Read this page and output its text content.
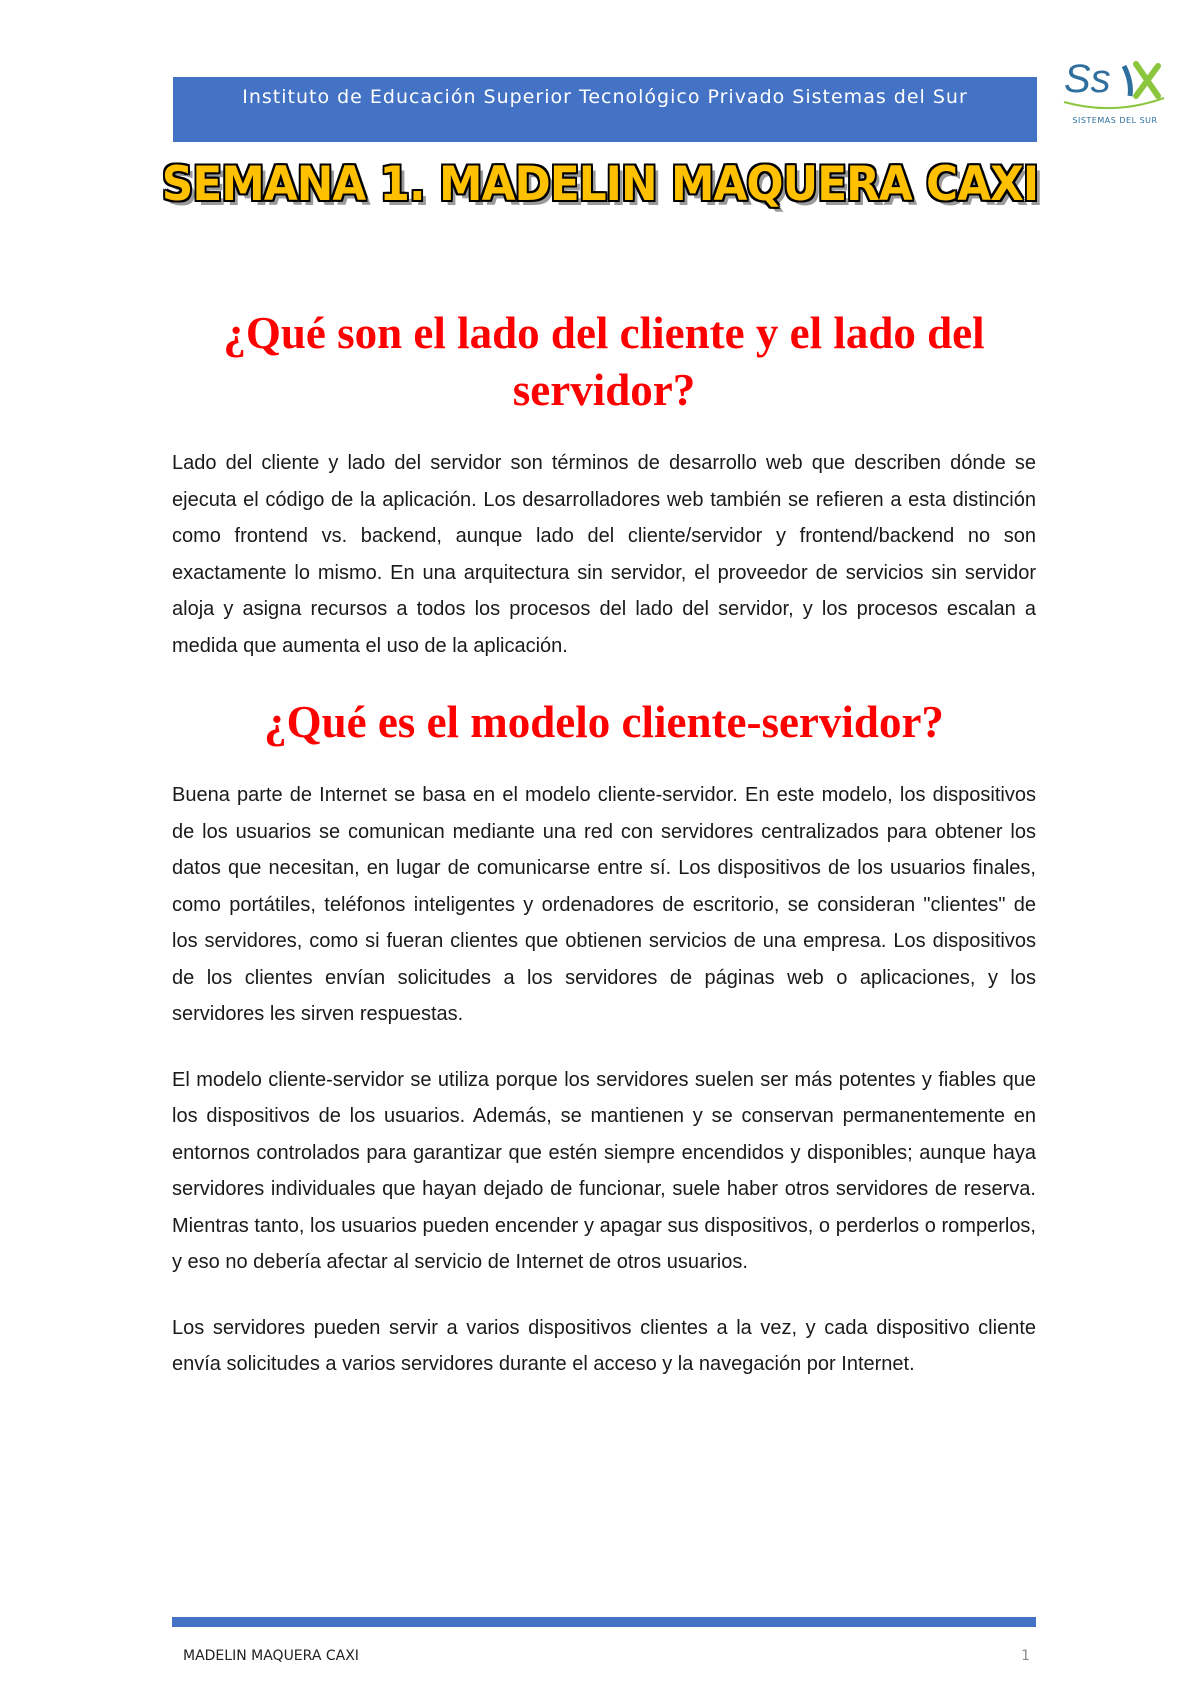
Instituto de Educación Superior Tecnológico Privado Sistemas del Sur	Ss
SISTEMAS DEL SUR
SEMANA 1. MADELIN MAQUERA CAXI
¿Qué son el lado del cliente y el lado del servidor?

Lado del cliente y lado del servidor son términos de desarrollo web que describen dónde se ejecuta el código de la aplicación. Los desarrolladores web también se refieren a esta distinción como frontend vs. backend, aunque lado del cliente/servidor y frontend/backend no son exactamente lo mismo. En una arquitectura sin servidor, el proveedor de servicios sin servidor aloja y asigna recursos a todos los procesos del lado del servidor, y los procesos escalan a medida que aumenta el uso de la aplicación.

¿Qué es el modelo cliente-servidor?

Buena parte de Internet se basa en el modelo cliente-servidor. En este modelo, los dispositivos de los usuarios se comunican mediante una red con servidores centralizados para obtener los datos que necesitan, en lugar de comunicarse entre sí. Los dispositivos de los usuarios finales, como portátiles, teléfonos inteligentes y ordenadores de escritorio, se consideran "clientes" de los servidores, como si fueran clientes que obtienen servicios de una empresa. Los dispositivos de los clientes envían solicitudes a los servidores de páginas web o aplicaciones, y los servidores les sirven respuestas.

El modelo cliente-servidor se utiliza porque los servidores suelen ser más potentes y fiables que los dispositivos de los usuarios. Además, se mantienen y se conservan permanentemente en entornos controlados para garantizar que estén siempre encendidos y disponibles; aunque haya servidores individuales que hayan dejado de funcionar, suele haber otros servidores de reserva. Mientras tanto, los usuarios pueden encender y apagar sus dispositivos, o perderlos o romperlos, y eso no debería afectar al servicio de Internet de otros usuarios.

Los servidores pueden servir a varios dispositivos clientes a la vez, y cada dispositivo cliente envía solicitudes a varios servidores durante el acceso y la navegación por Internet.

MADELIN MAQUERA CAXI	1
